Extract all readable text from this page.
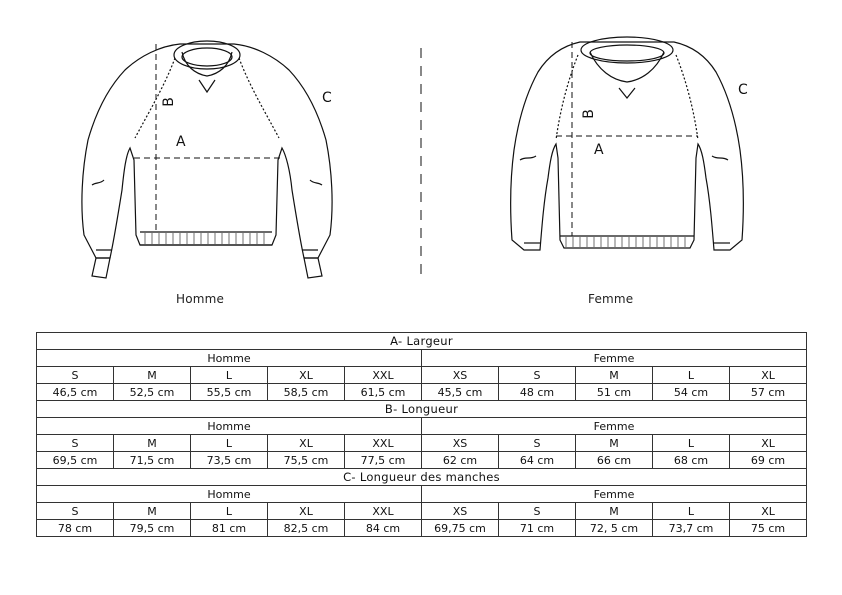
A
B	C
A
B
C
Homme	Femme
A- Largeur									
Homme					Femme				
S	M	L	XL	XXL	XS	S	M	L	XL
46,5 cm	52,5 cm	55,5 cm	58,5 cm	61,5 cm	45,5 cm	48 cm	51 cm	54 cm	57 cm
B- Longueur									
Homme					Femme				
S	M	L	XL	XXL	XS	S	M	L	XL
69,5 cm	71,5 cm	73,5 cm	75,5 cm	77,5 cm	62 cm	64 cm	66 cm	68 cm	69 cm
C- Longueur des manches									
Homme					Femme				
S	M	L	XL	XXL	XS	S	M	L	XL
78 cm	79,5 cm	81 cm	82,5 cm	84 cm	69,75 cm	71 cm	72, 5 cm	73,7 cm	75 cm
